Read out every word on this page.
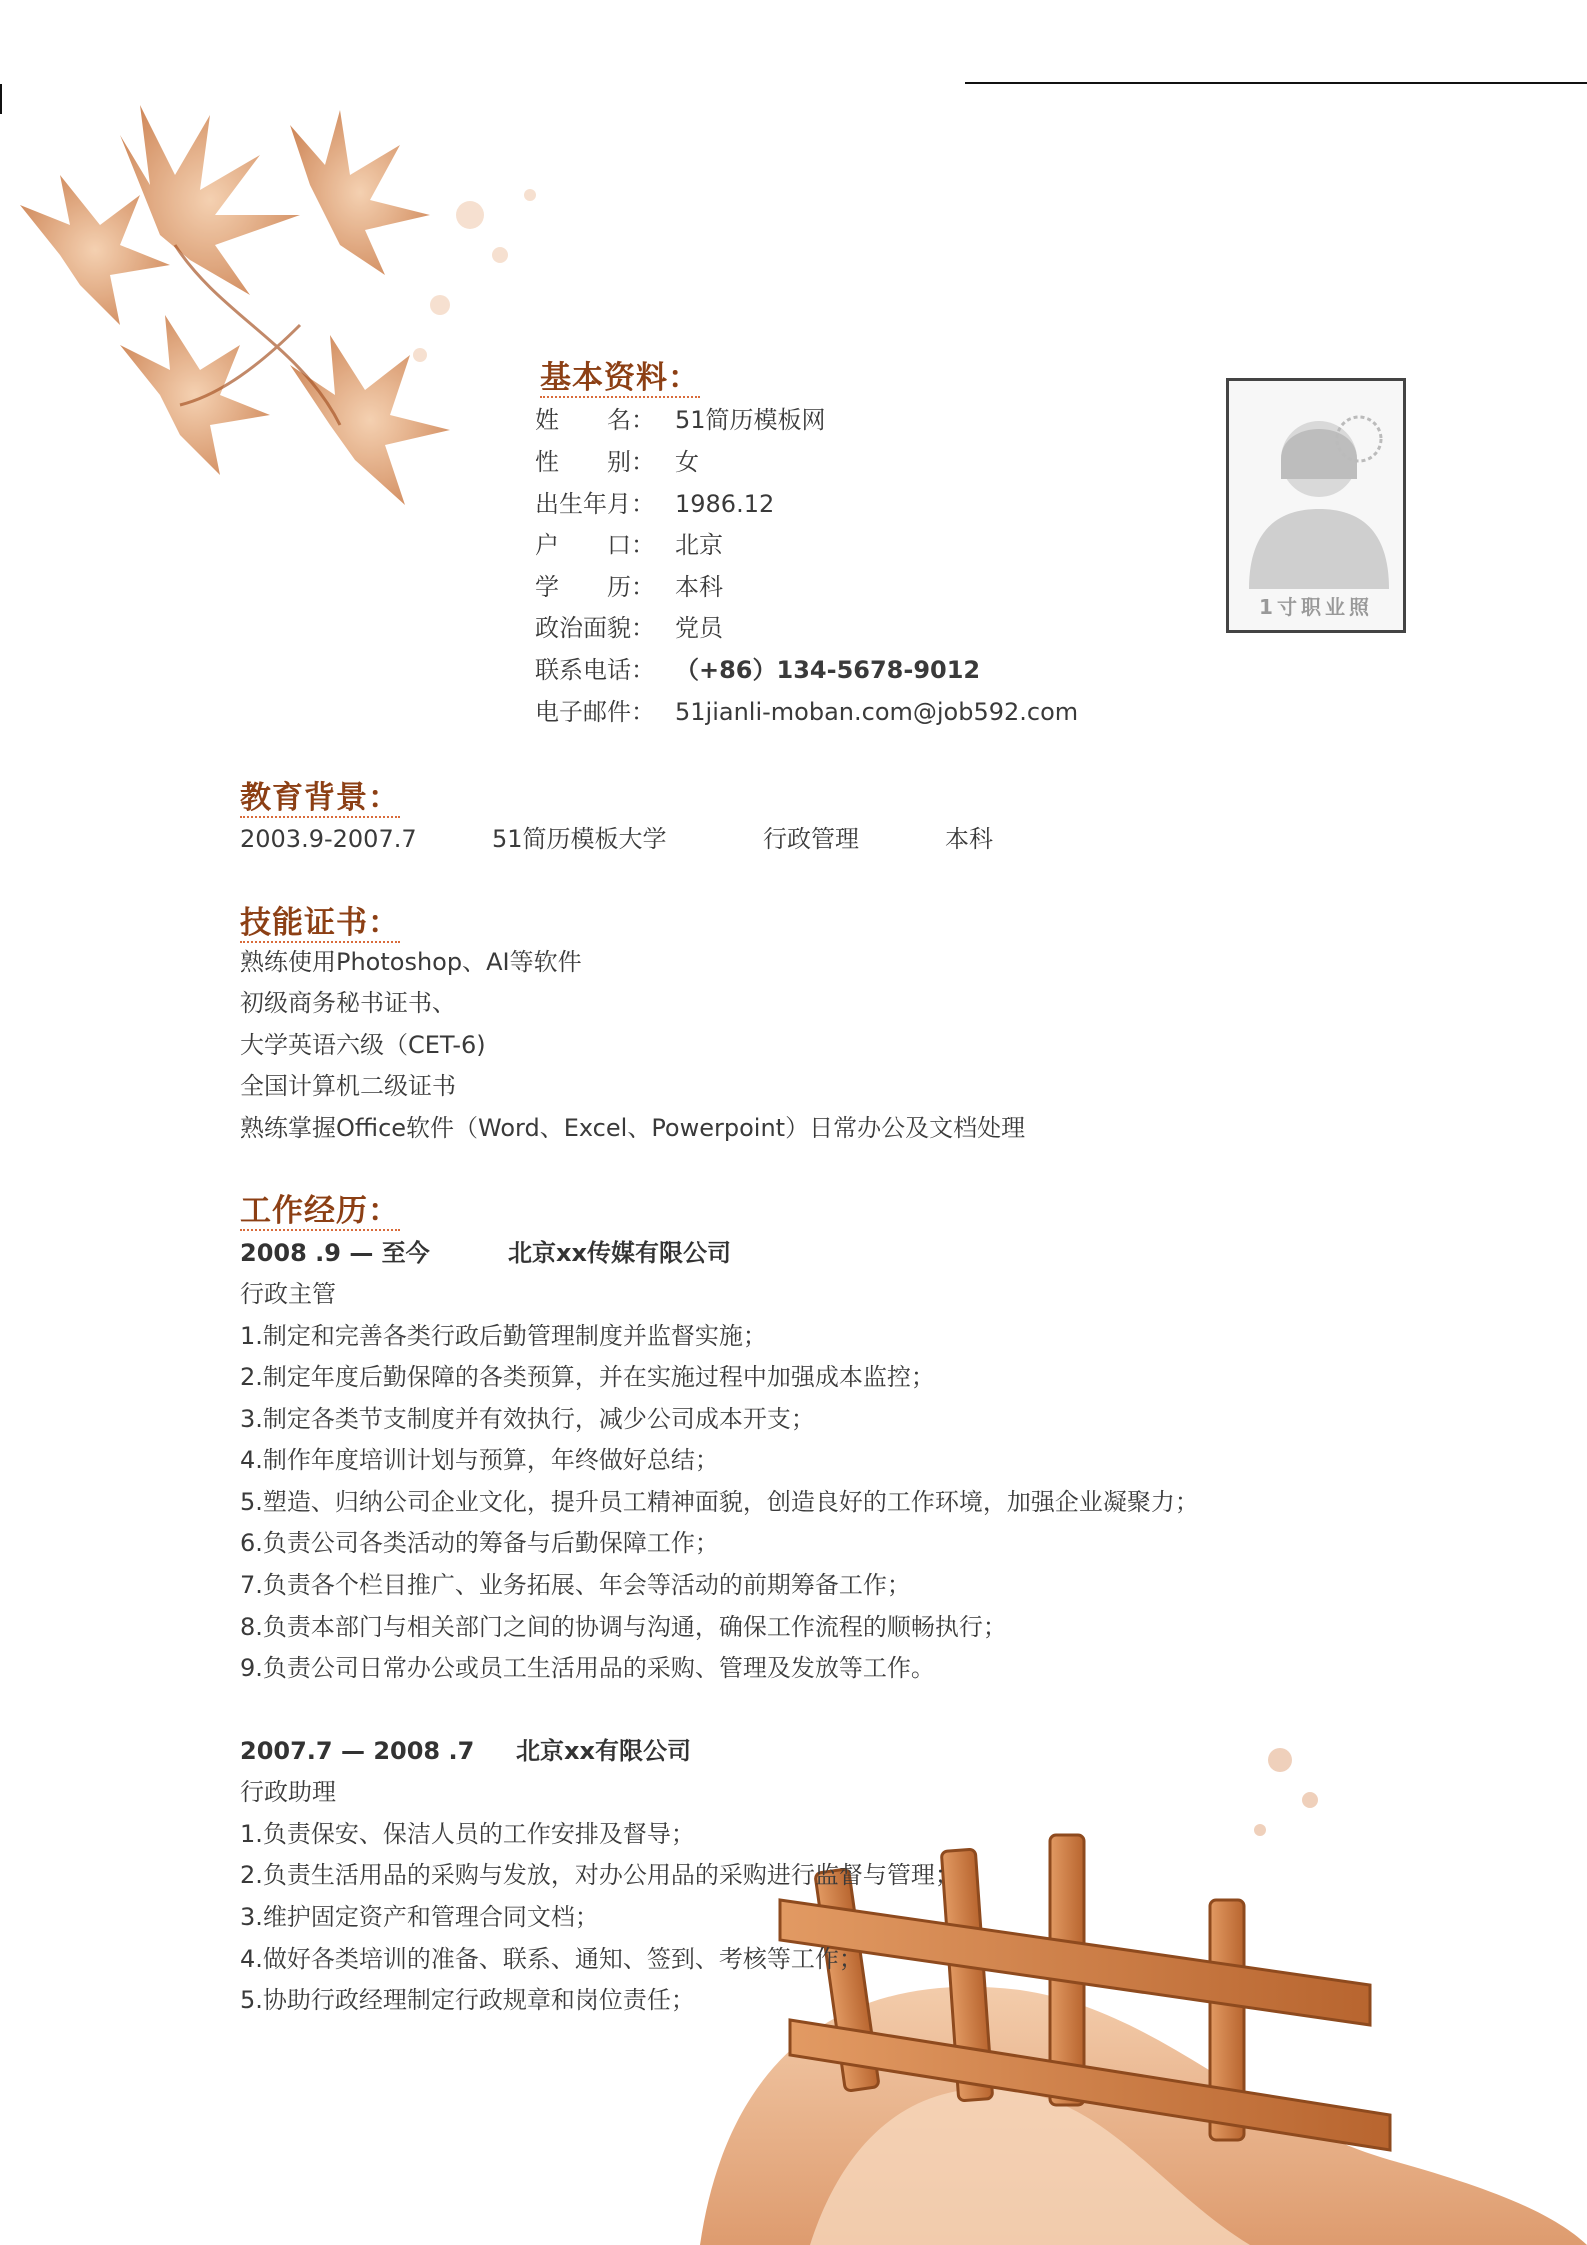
基本资料：
姓　　名： 51简历模板网
性　　别： 女
出生年月： 1986.12
户　　口： 北京
学　　历： 本科
政治面貌： 党员
联系电话： （+86）134-5678-9012
电子邮件： 51jianli-moban.com@job592.com
1寸职业照
教育背景：
2003.9-2007.7	51简历模板大学	行政管理	本科
技能证书：
熟练使用Photoshop、AI等软件
初级商务秘书证书、
大学英语六级（CET-6)
全国计算机二级证书
熟练掌握Office软件（Word、Excel、Powerpoint）日常办公及文档处理
工作经历：
2008 .9 — 至今	北京xx传媒有限公司
行政主管
1.制定和完善各类行政后勤管理制度并监督实施；
2.制定年度后勤保障的各类预算，并在实施过程中加强成本监控；
3.制定各类节支制度并有效执行，减少公司成本开支；
4.制作年度培训计划与预算，年终做好总结；
5.塑造、归纳公司企业文化，提升员工精神面貌，创造良好的工作环境，加强企业凝聚力；
6.负责公司各类活动的筹备与后勤保障工作；
7.负责各个栏目推广、业务拓展、年会等活动的前期筹备工作；
8.负责本部门与相关部门之间的协调与沟通，确保工作流程的顺畅执行；
9.负责公司日常办公或员工生活用品的采购、管理及发放等工作。
2007.7 — 2008 .7 北京xx有限公司
行政助理
1.负责保安、保洁人员的工作安排及督导；
2.负责生活用品的采购与发放，对办公用品的采购进行监督与管理；
3.维护固定资产和管理合同文档；
4.做好各类培训的准备、联系、通知、签到、考核等工作；
5.协助行政经理制定行政规章和岗位责任；
